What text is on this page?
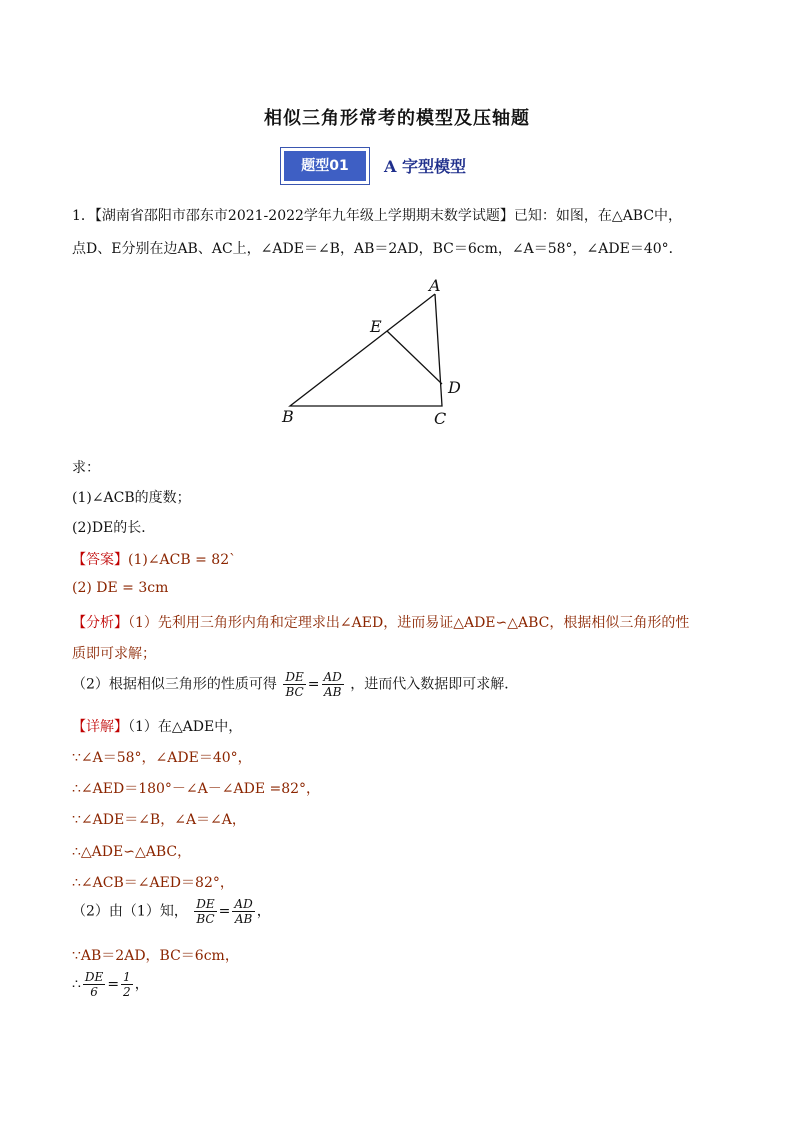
相似三角形常考的模型及压轴题
题型01	A 字型模型
1．【湖南省邵阳市邵东市2021-2022学年九年级上学期期末数学试题】已知：如图，在△ABC中，
点D、E分别在边AB、AC上，∠ADE＝∠B，AB＝2AD，BC＝6cm，∠A＝58°，∠ADE＝40°．
A
E
D
B	C
求：
(1)∠ACB的度数；
(2)DE的长．
【答案】(1)∠ACB = 82`
(2) DE = 3cm
【分析】（1）先利用三角形内角和定理求出∠AED，进而易证△ADE∽△ABC，根据相似三角形的性
质即可求解；
（2）根据相似三角形的性质可得 $\frac{DE}{BC} = \frac{AD}{AB}$ ，进而代入数据即可求解．
【详解】（1）在△ADE中，
∵∠A＝58°，∠ADE＝40°，
∴∠AED＝180°－∠A－∠ADE =82°，
∵∠ADE＝∠B，∠A＝∠A，
∴△ADE∽△ABC，
∴∠ACB＝∠AED＝82°，
（2）由（1）知， $\frac{DE}{BC} = \frac{AD}{AB}$ ，
∵AB＝2AD，BC＝6cm，
∴ $\frac{DE}{6} = \frac{1}{2}$ ，
